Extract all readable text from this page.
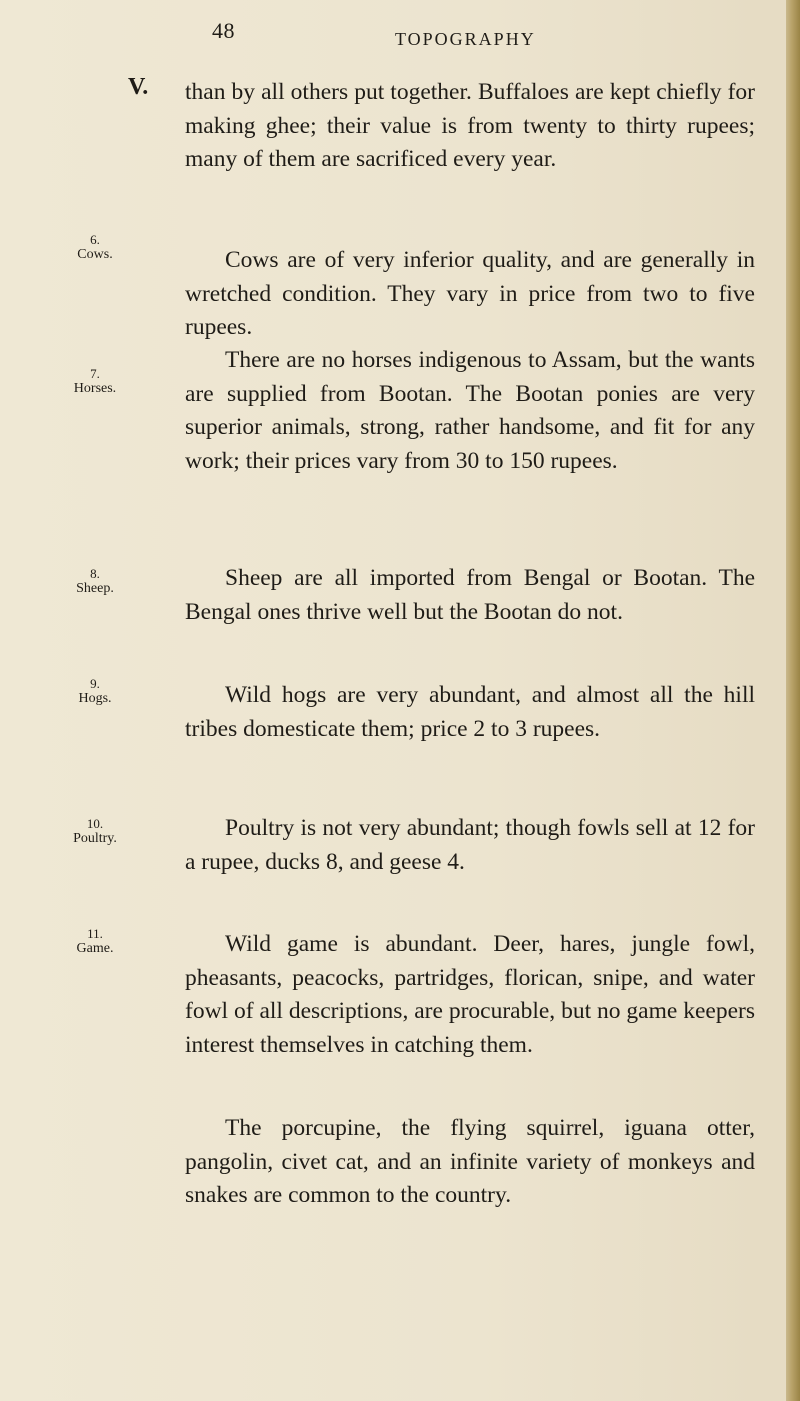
48	TOPOGRAPHY
V. than by all others put together. Buffaloes are kept chiefly for making ghee; their value is from twenty to thirty rupees; many of them are sacrificed every year.
6.
Cows.	Cows are of very inferior quality, and are generally in wretched condition. They vary in price from two to five rupees.
7.
Horses.
There are no horses indigenous to Assam, but the wants are supplied from Bootan. The Bootan ponies are very superior animals, strong, rather handsome, and fit for any work; their prices vary from 30 to 150 rupees.
8.
Sheep.	Sheep are all imported from Bengal or Bootan. The Bengal ones thrive well but the Bootan do not.
9.
Hogs.	Wild hogs are very abundant, and almost all the hill tribes domesticate them; price 2 to 3 rupees.
10.
Poultry.	Poultry is not very abundant; though fowls sell at 12 for a rupee, ducks 8, and geese 4.
11.
Game.	Wild game is abundant. Deer, hares, jungle fowl, pheasants, peacocks, partridges, florican, snipe, and water fowl of all descriptions, are procurable, but no game keepers interest themselves in catching them.
The porcupine, the flying squirrel, iguana otter, pangolin, civet cat, and an infinite variety of monkeys and snakes are common to the country.
